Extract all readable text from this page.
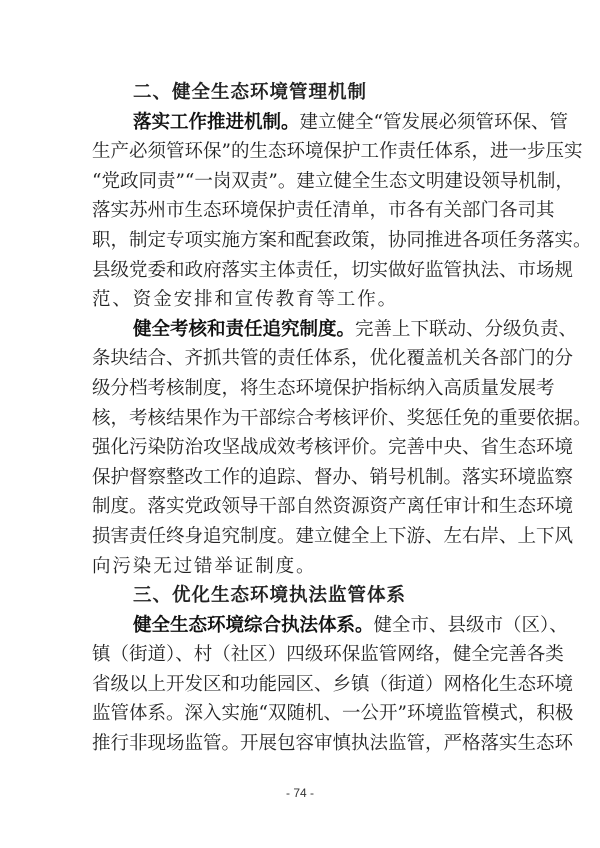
二、健全生态环境管理机制
落实工作推进机制。建立健全“管发展必须管环保、管
生产必须管环保”的生态环境保护工作责任体系，进一步压实
“党政同责”“一岗双责”。建立健全生态文明建设领导机制，
落实苏州市生态环境保护责任清单，市各有关部门各司其
职，制定专项实施方案和配套政策，协同推进各项任务落实。
县级党委和政府落实主体责任，切实做好监管执法、市场规
范、资金安排和宣传教育等工作。
健全考核和责任追究制度。完善上下联动、分级负责、
条块结合、齐抓共管的责任体系，优化覆盖机关各部门的分
级分档考核制度，将生态环境保护指标纳入高质量发展考
核，考核结果作为干部综合考核评价、奖惩任免的重要依据。
强化污染防治攻坚战成效考核评价。完善中央、省生态环境
保护督察整改工作的追踪、督办、销号机制。落实环境监察
制度。落实党政领导干部自然资源资产离任审计和生态环境
损害责任终身追究制度。建立健全上下游、左右岸、上下风
向污染无过错举证制度。
三、优化生态环境执法监管体系
健全生态环境综合执法体系。健全市、县级市（区）、
镇（街道）、村（社区）四级环保监管网络，健全完善各类
省级以上开发区和功能园区、乡镇（街道）网格化生态环境
监管体系。深入实施“双随机、一公开”环境监管模式，积极
推行非现场监管。开展包容审慎执法监管，严格落实生态环
- 74 -
